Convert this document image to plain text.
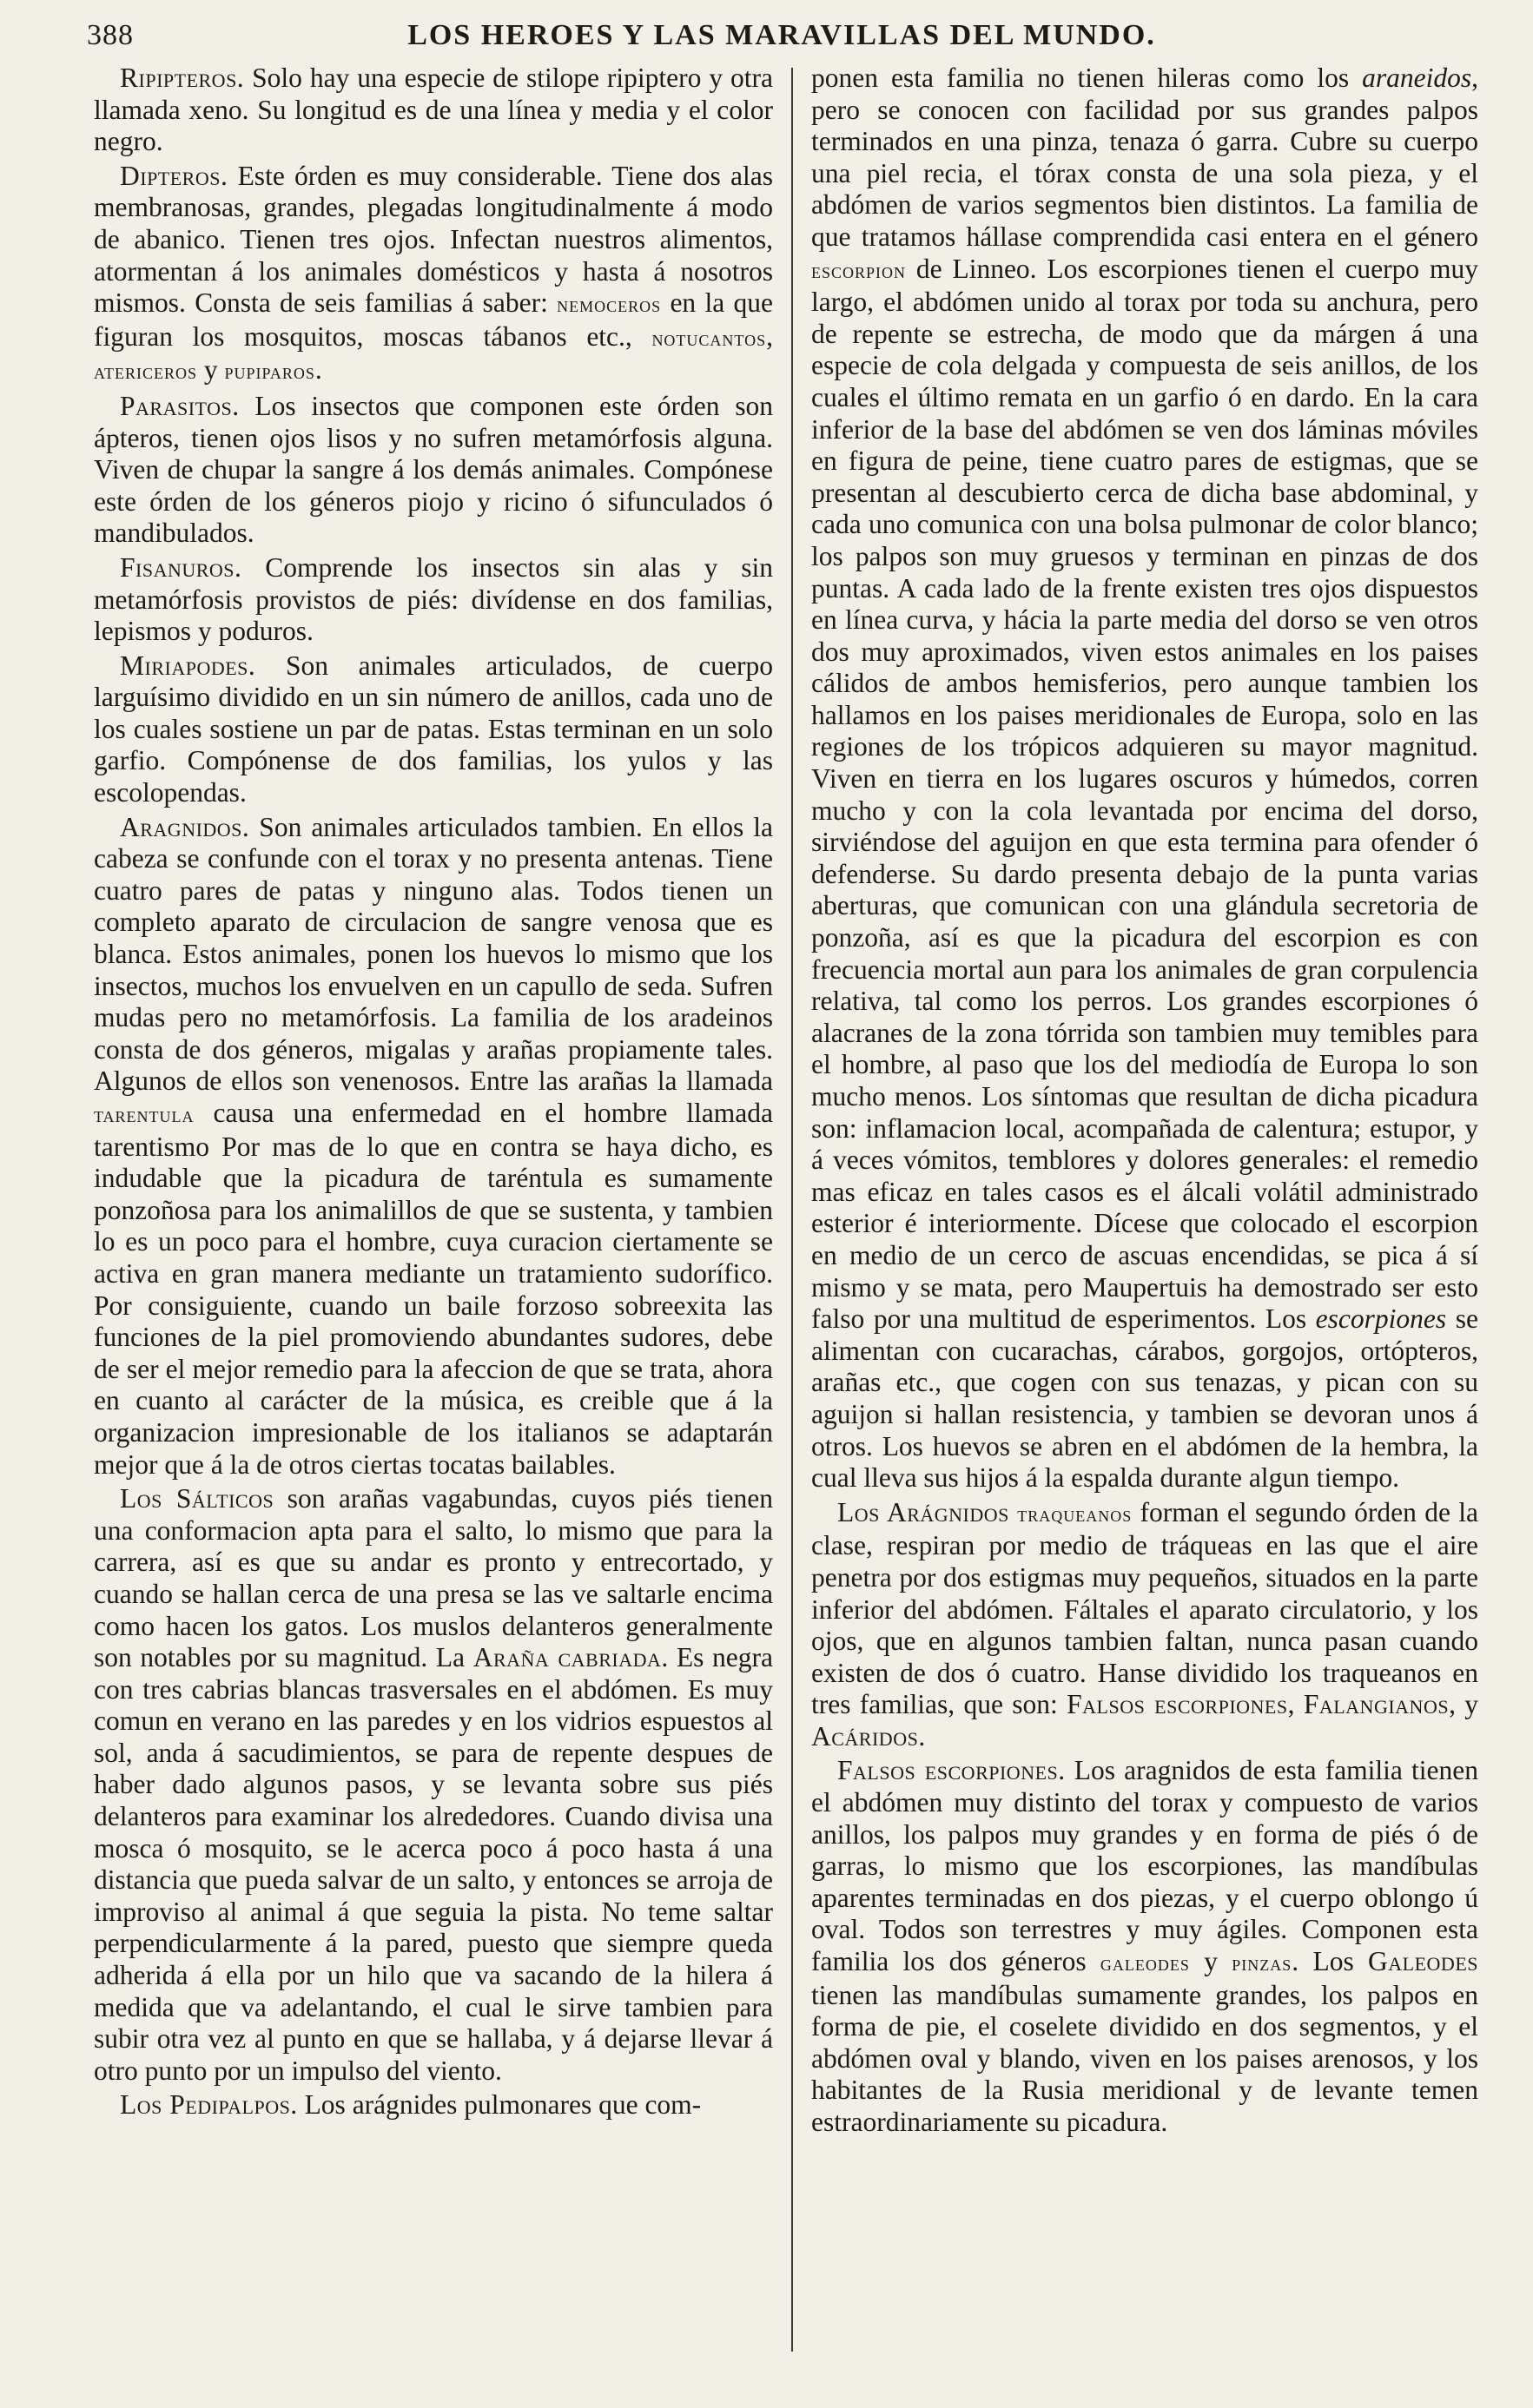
388	LOS HEROES Y LAS MARAVILLAS DEL MUNDO.

Ripipteros. Solo hay una especie de stilope ripiptero y otra llamada xeno. Su longitud es de una línea y media y el color negro.

Dipteros. Este órden es muy considerable. Tiene dos alas membranosas, grandes, plegadas longitudinalmente á modo de abanico. Tienen tres ojos. Infectan nuestros alimentos, atormentan á los animales domésticos y hasta á nosotros mismos. Consta de seis familias á saber: nemoceros en la que figuran los mosquitos, moscas tábanos etc., notucantos, atericeros y pupiparos.

Parasitos. Los insectos que componen este órden son ápteros, tienen ojos lisos y no sufren metamórfosis alguna. Viven de chupar la sangre á los demás animales. Compónese este órden de los géneros piojo y ricino ó sifunculados ó mandibulados.

Fisanuros. Comprende los insectos sin alas y sin metamórfosis provistos de piés: divídense en dos familias, lepismos y poduros.

Miriapodes. Son animales articulados, de cuerpo larguísimo dividido en un sin número de anillos, cada uno de los cuales sostiene un par de patas. Estas terminan en un solo garfio. Compónense de dos familias, los yulos y las escolopendas.

Aragnidos. Son animales articulados tambien. En ellos la cabeza se confunde con el torax y no presenta antenas. Tiene cuatro pares de patas y ninguno alas. Todos tienen un completo aparato de circulacion de sangre venosa que es blanca. Estos animales, ponen los huevos lo mismo que los insectos, muchos los envuelven en un capullo de seda. Sufren mudas pero no metamórfosis. La familia de los aradeinos consta de dos géneros, migalas y arañas propiamente tales. Algunos de ellos son venenosos. Entre las arañas la llamada tarentula causa una enfermedad en el hombre llamada tarentismo Por mas de lo que en contra se haya dicho, es indudable que la picadura de taréntula es sumamente ponzoñosa para los animalillos de que se sustenta, y tambien lo es un poco para el hombre, cuya curacion ciertamente se activa en gran manera mediante un tratamiento sudorífico. Por consiguiente, cuando un baile forzoso sobreexita las funciones de la piel promoviendo abundantes sudores, debe de ser el mejor remedio para la afeccion de que se trata, ahora en cuanto al carácter de la música, es creible que á la organizacion impresionable de los italianos se adaptarán mejor que á la de otros ciertas tocatas bailables.

Los Sálticos son arañas vagabundas, cuyos piés tienen una conformacion apta para el salto, lo mismo que para la carrera, así es que su andar es pronto y entrecortado, y cuando se hallan cerca de una presa se las ve saltarle encima como hacen los gatos. Los muslos delanteros generalmente son notables por su magnitud. La Araña cabriada. Es negra con tres cabrias blancas trasversales en el abdómen. Es muy comun en verano en las paredes y en los vidrios espuestos al sol, anda á sacudimientos, se para de repente despues de haber dado algunos pasos, y se levanta sobre sus piés delanteros para examinar los alrededores. Cuando divisa una mosca ó mosquito, se le acerca poco á poco hasta á una distancia que pueda salvar de un salto, y entonces se arroja de improviso al animal á que seguia la pista. No teme saltar perpendicularmente á la pared, puesto que siempre queda adherida á ella por un hilo que va sacando de la hilera á medida que va adelantando, el cual le sirve tambien para subir otra vez al punto en que se hallaba, y á dejarse llevar á otro punto por un impulso del viento.

Los Pedipalpos. Los arágnides pulmonares que com-

ponen esta familia no tienen hileras como los araneidos, pero se conocen con facilidad por sus grandes palpos terminados en una pinza, tenaza ó garra. Cubre su cuerpo una piel recia, el tórax consta de una sola pieza, y el abdómen de varios segmentos bien distintos. La familia de que tratamos hállase comprendida casi entera en el género escorpion de Linneo. Los escorpiones tienen el cuerpo muy largo, el abdómen unido al torax por toda su anchura, pero de repente se estrecha, de modo que da márgen á una especie de cola delgada y compuesta de seis anillos, de los cuales el último remata en un garfio ó en dardo. En la cara inferior de la base del abdómen se ven dos láminas móviles en figura de peine, tiene cuatro pares de estigmas, que se presentan al descubierto cerca de dicha base abdominal, y cada uno comunica con una bolsa pulmonar de color blanco; los palpos son muy gruesos y terminan en pinzas de dos puntas. A cada lado de la frente existen tres ojos dispuestos en línea curva, y hácia la parte media del dorso se ven otros dos muy aproximados, viven estos animales en los paises cálidos de ambos hemisferios, pero aunque tambien los hallamos en los paises meridionales de Europa, solo en las regiones de los trópicos adquieren su mayor magnitud. Viven en tierra en los lugares oscuros y húmedos, corren mucho y con la cola levantada por encima del dorso, sirviéndose del aguijon en que esta termina para ofender ó defenderse. Su dardo presenta debajo de la punta varias aberturas, que comunican con una glándula secretoria de ponzoña, así es que la picadura del escorpion es con frecuencia mortal aun para los animales de gran corpulencia relativa, tal como los perros. Los grandes escorpiones ó alacranes de la zona tórrida son tambien muy temibles para el hombre, al paso que los del mediodía de Europa lo son mucho menos. Los síntomas que resultan de dicha picadura son: inflamacion local, acompañada de calentura; estupor, y á veces vómitos, temblores y dolores generales: el remedio mas eficaz en tales casos es el álcali volátil administrado esterior é interiormente. Dícese que colocado el escorpion en medio de un cerco de ascuas encendidas, se pica á sí mismo y se mata, pero Maupertuis ha demostrado ser esto falso por una multitud de esperimentos. Los escorpiones se alimentan con cucarachas, cárabos, gorgojos, ortópteros, arañas etc., que cogen con sus tenazas, y pican con su aguijon si hallan resistencia, y tambien se devoran unos á otros. Los huevos se abren en el abdómen de la hembra, la cual lleva sus hijos á la espalda durante algun tiempo.

Los Arágnidos traqueanos forman el segundo órden de la clase, respiran por medio de tráqueas en las que el aire penetra por dos estigmas muy pequeños, situados en la parte inferior del abdómen. Fáltales el aparato circulatorio, y los ojos, que en algunos tambien faltan, nunca pasan cuando existen de dos ó cuatro. Hanse dividido los traqueanos en tres familias, que son: Falsos escorpiones, Falangianos, y Acáridos.

Falsos escorpiones. Los aragnidos de esta familia tienen el abdómen muy distinto del torax y compuesto de varios anillos, los palpos muy grandes y en forma de piés ó de garras, lo mismo que los escorpiones, las mandíbulas aparentes terminadas en dos piezas, y el cuerpo oblongo ú oval. Todos son terrestres y muy ágiles. Componen esta familia los dos géneros galeodes y pinzas. Los Galeodes tienen las mandíbulas sumamente grandes, los palpos en forma de pie, el coselete dividido en dos segmentos, y el abdómen oval y blando, viven en los paises arenosos, y los habitantes de la Rusia meridional y de levante temen estraordinariamente su picadura.
